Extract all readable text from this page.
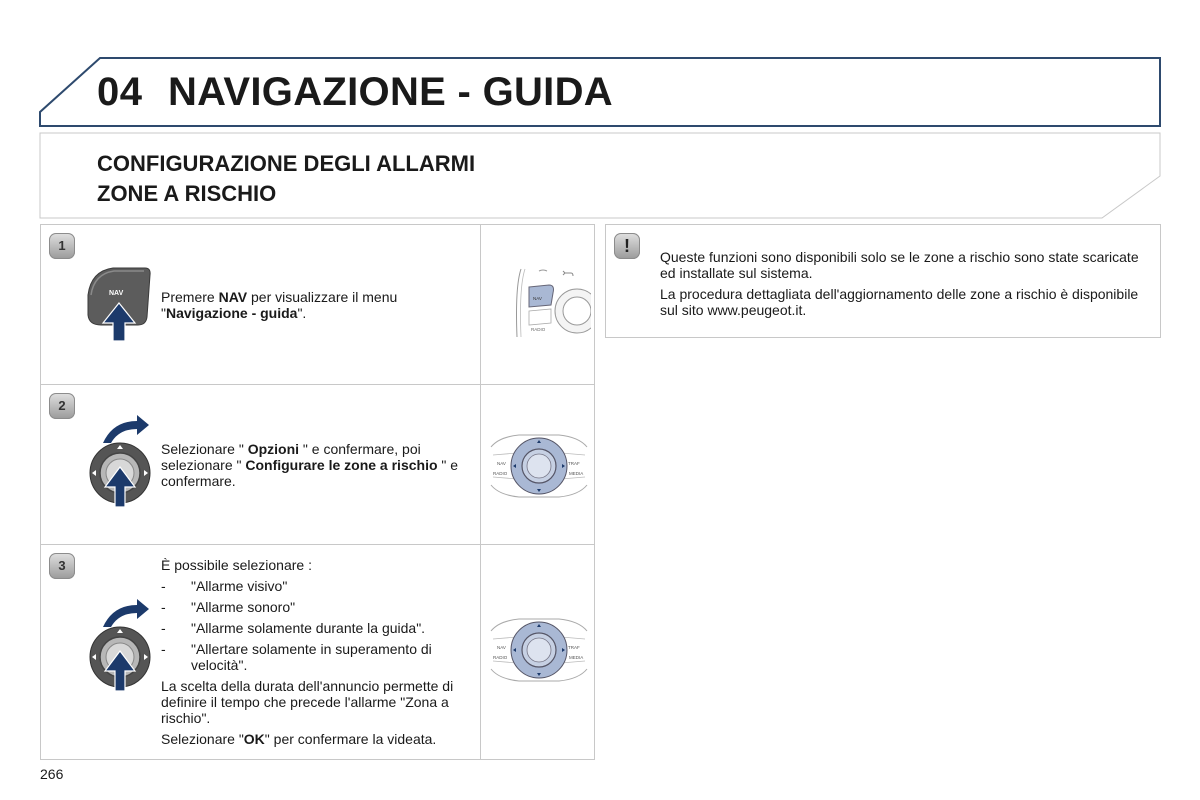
04 NAVIGAZIONE - GUIDA
CONFIGURAZIONE DEGLI ALLARMI
ZONE A RISCHIO
1
NAV	Premere NAV per visualizzare il menu "Navigazione - guida".
NAV
RADIO
2
Selezionare " Opzioni " e confermare, poi selezionare " Configurare le zone a rischio " e confermare.
NAV	TRAF
RADIO	MEDIA
3	È possibile selezionare :

- "Allarme visivo"
- "Allarme sonoro"
- "Allarme solamente durante la guida".
- "Allertare solamente in superamento di velocità".

La scelta della durata dell'annuncio permette di definire il tempo che precede l'allarme "Zona a rischio".

Selezionare "OK" per confermare la videata.

NAV	TRAF
RADIO	MEDIA
!

Queste funzioni sono disponibili solo se le zone a rischio sono state scaricate ed installate sul sistema.

La procedura dettagliata dell'aggiornamento delle zone a rischio è disponibile sul sito www.peugeot.it.

266
